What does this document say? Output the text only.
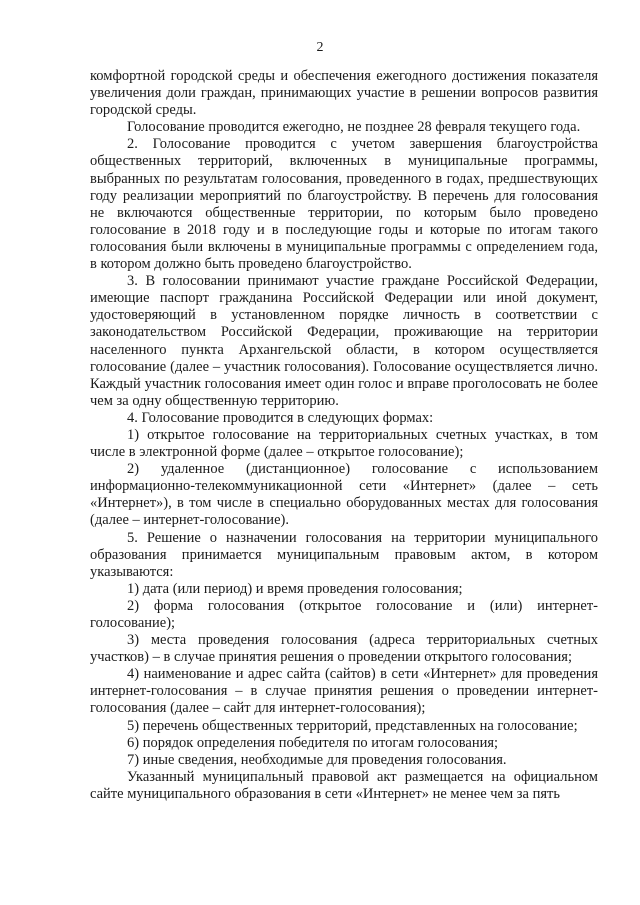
2

комфортной городской среды и обеспечения ежегодного достижения показателя увеличения доли граждан, принимающих участие в решении вопросов развития городской среды.

Голосование проводится ежегодно, не позднее 28 февраля текущего года.

2. Голосование проводится с учетом завершения благоустройства общественных территорий, включенных в муниципальные программы, выбранных по результатам голосования, проведенного в годах, предшествующих году реализации мероприятий по благоустройству. В перечень для голосования не включаются общественные территории, по которым было проведено голосование в 2018 году и в последующие годы и которые по итогам такого голосования были включены в муниципальные программы с определением года, в котором должно быть проведено благоустройство.

3. В голосовании принимают участие граждане Российской Федерации, имеющие паспорт гражданина Российской Федерации или иной документ, удостоверяющий в установленном порядке личность в соответствии с законодательством Российской Федерации, проживающие на территории населенного пункта Архангельской области, в котором осуществляется голосование (далее – участник голосования). Голосование осуществляется лично. Каждый участник голосования имеет один голос и вправе проголосовать не более чем за одну общественную территорию.

4. Голосование проводится в следующих формах:

1) открытое голосование на территориальных счетных участках, в том числе в электронной форме (далее – открытое голосование);

2) удаленное (дистанционное) голосование с использованием информационно-телекоммуникационной сети «Интернет» (далее – сеть «Интернет»), в том числе в специально оборудованных местах для голосования (далее – интернет-голосование).

5. Решение о назначении голосования на территории муниципального образования принимается муниципальным правовым актом, в котором указываются:

1) дата (или период) и время проведения голосования;

2) форма голосования (открытое голосование и (или) интернет-голосование);

3) места проведения голосования (адреса территориальных счетных участков) – в случае принятия решения о проведении открытого голосования;

4) наименование и адрес сайта (сайтов) в сети «Интернет» для проведения интернет-голосования – в случае принятия решения о проведении интернет-голосования (далее – сайт для интернет-голосования);

5) перечень общественных территорий, представленных на голосование;

6) порядок определения победителя по итогам голосования;

7) иные сведения, необходимые для проведения голосования.

Указанный муниципальный правовой акт размещается на официальном сайте муниципального образования в сети «Интернет» не менее чем за пять
